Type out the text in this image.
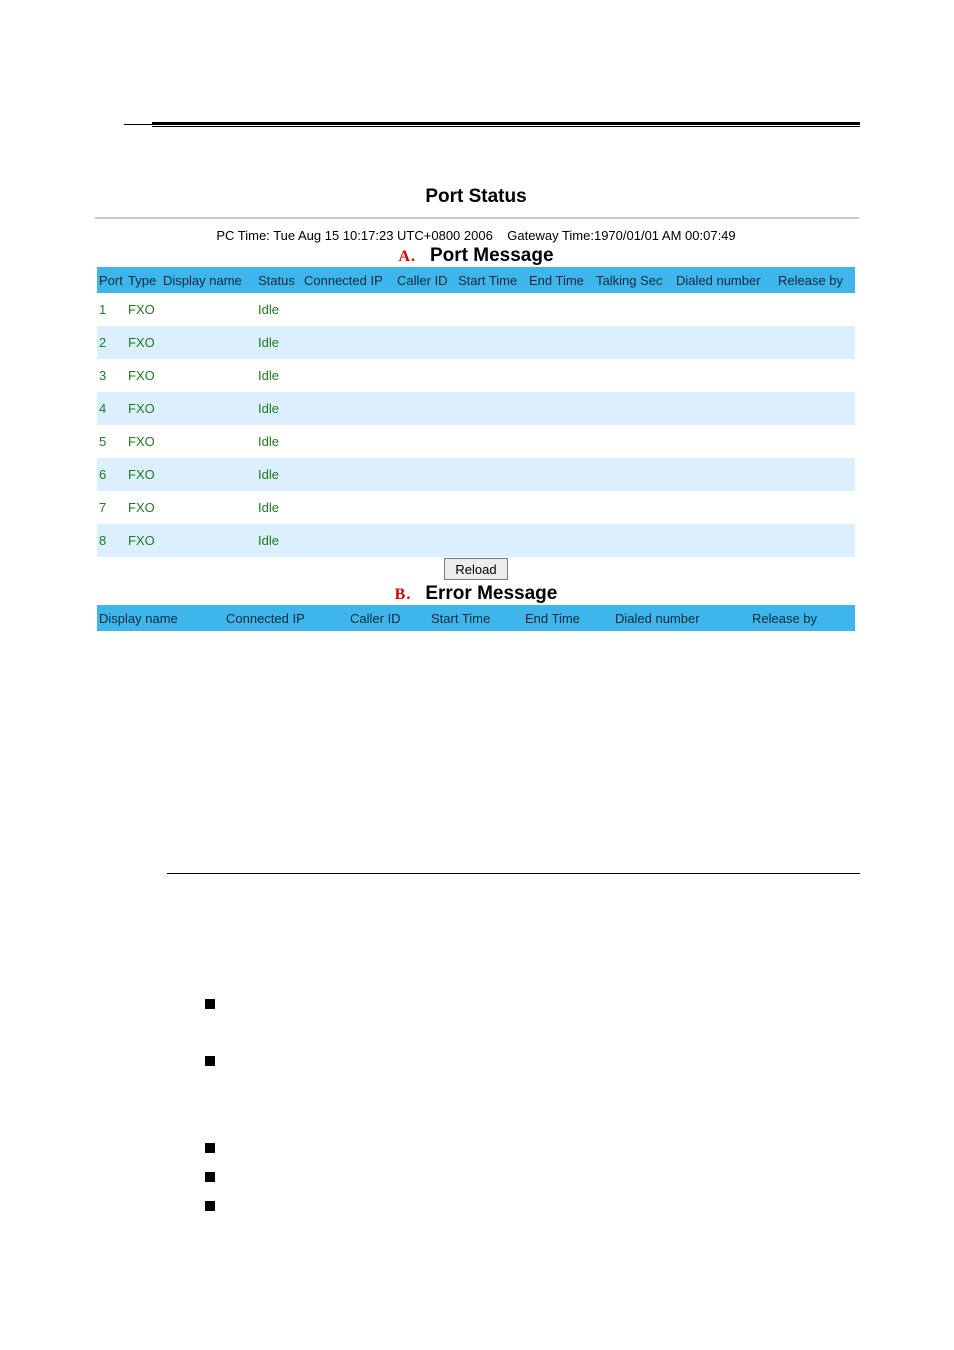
Port Status
PC Time: Tue Aug 15 10:17:23 UTC+0800 2006 Gateway Time:1970/01/01 AM 00:07:49
A. Port Message
Port	Type	Display name	Status	Connected IP	Caller ID	Start Time	End Time	Talking Sec	Dialed number	Release by
1	FXO		Idle							
2	FXO		Idle							
3	FXO		Idle							
4	FXO		Idle							
5	FXO		Idle							
6	FXO		Idle							
7	FXO		Idle							
8	FXO		Idle							
Reload
B. Error Message
Display name	Connected IP	Caller ID	Start Time	End Time	Dialed number	Release by
